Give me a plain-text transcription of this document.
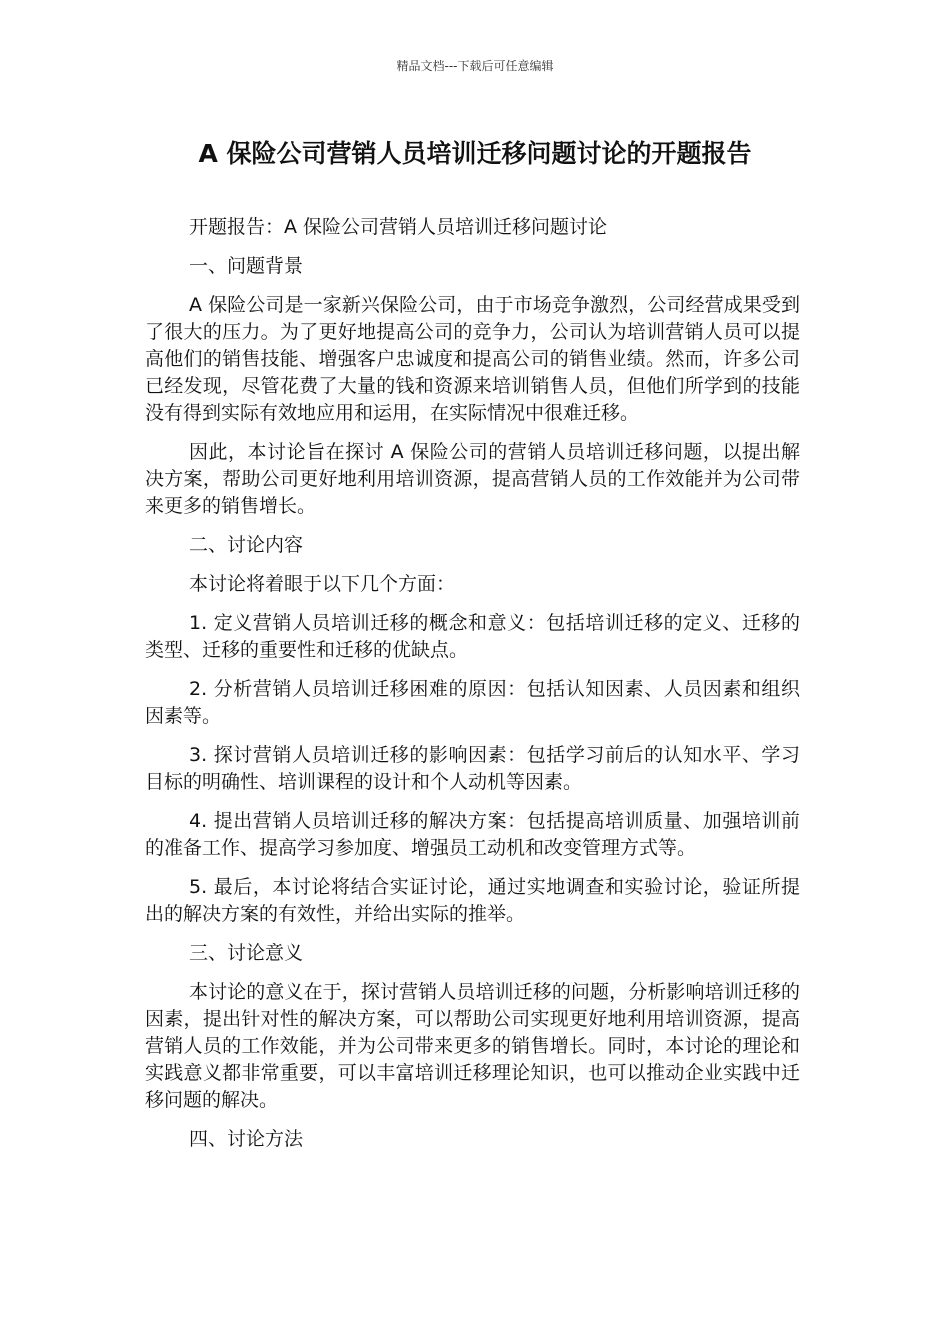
精品文档---下载后可任意编辑
A 保险公司营销人员培训迁移问题讨论的开题报告

开题报告：A 保险公司营销人员培训迁移问题讨论

一、问题背景

A 保险公司是一家新兴保险公司，由于市场竞争激烈，公司经营成果受到了很大的压力。为了更好地提高公司的竞争力，公司认为培训营销人员可以提高他们的销售技能、增强客户忠诚度和提高公司的销售业绩。然而，许多公司已经发现，尽管花费了大量的钱和资源来培训销售人员，但他们所学到的技能没有得到实际有效地应用和运用，在实际情况中很难迁移。

因此，本讨论旨在探讨 A 保险公司的营销人员培训迁移问题，以提出解决方案，帮助公司更好地利用培训资源，提高营销人员的工作效能并为公司带来更多的销售增长。

二、讨论内容

本讨论将着眼于以下几个方面：

1. 定义营销人员培训迁移的概念和意义：包括培训迁移的定义、迁移的类型、迁移的重要性和迁移的优缺点。

2. 分析营销人员培训迁移困难的原因：包括认知因素、人员因素和组织因素等。

3. 探讨营销人员培训迁移的影响因素：包括学习前后的认知水平、学习目标的明确性、培训课程的设计和个人动机等因素。

4. 提出营销人员培训迁移的解决方案：包括提高培训质量、加强培训前的准备工作、提高学习参加度、增强员工动机和改变管理方式等。

5. 最后，本讨论将结合实证讨论，通过实地调查和实验讨论，验证所提出的解决方案的有效性，并给出实际的推举。

三、讨论意义

本讨论的意义在于，探讨营销人员培训迁移的问题，分析影响培训迁移的因素，提出针对性的解决方案，可以帮助公司实现更好地利用培训资源，提高营销人员的工作效能，并为公司带来更多的销售增长。同时，本讨论的理论和实践意义都非常重要，可以丰富培训迁移理论知识，也可以推动企业实践中迁移问题的解决。

四、讨论方法
